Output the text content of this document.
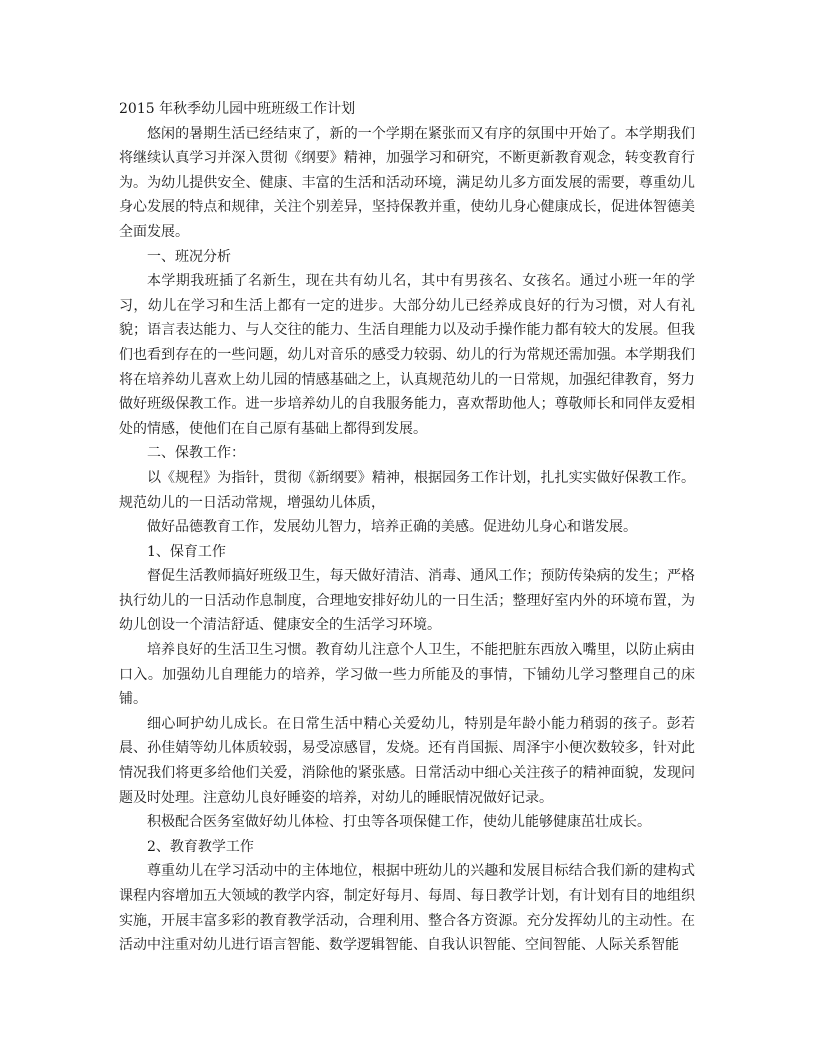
2015 年秋季幼儿园中班班级工作计划

悠闲的暑期生活已经结束了，新的一个学期在紧张而又有序的氛围中开始了。本学期我们将继续认真学习并深入贯彻《纲要》精神，加强学习和研究，不断更新教育观念，转变教育行为。为幼儿提供安全、健康、丰富的生活和活动环境，满足幼儿多方面发展的需要，尊重幼儿身心发展的特点和规律，关注个别差异，坚持保教并重，使幼儿身心健康成长，促进体智德美全面发展。

一、班况分析

本学期我班插了名新生，现在共有幼儿名，其中有男孩名、女孩名。通过小班一年的学习，幼儿在学习和生活上都有一定的进步。大部分幼儿已经养成良好的行为习惯，对人有礼貌；语言表达能力、与人交往的能力、生活自理能力以及动手操作能力都有较大的发展。但我们也看到存在的一些问题，幼儿对音乐的感受力较弱、幼儿的行为常规还需加强。本学期我们将在培养幼儿喜欢上幼儿园的情感基础之上，认真规范幼儿的一日常规，加强纪律教育，努力做好班级保教工作。进一步培养幼儿的自我服务能力，喜欢帮助他人；尊敬师长和同伴友爱相处的情感，使他们在自己原有基础上都得到发展。

二、保教工作：

以《规程》为指针，贯彻《新纲要》精神，根据园务工作计划，扎扎实实做好保教工作。规范幼儿的一日活动常规，增强幼儿体质，

做好品德教育工作，发展幼儿智力，培养正确的美感。促进幼儿身心和谐发展。

1、保育工作

督促生活教师搞好班级卫生，每天做好清洁、消毒、通风工作；预防传染病的发生；严格执行幼儿的一日活动作息制度，合理地安排好幼儿的一日生活；整理好室内外的环境布置，为幼儿创设一个清洁舒适、健康安全的生活学习环境。

培养良好的生活卫生习惯。教育幼儿注意个人卫生，不能把脏东西放入嘴里，以防止病由口入。加强幼儿自理能力的培养，学习做一些力所能及的事情，下铺幼儿学习整理自己的床铺。

细心呵护幼儿成长。在日常生活中精心关爱幼儿，特别是年龄小能力稍弱的孩子。彭若晨、孙佳婧等幼儿体质较弱，易受凉感冒，发烧。还有肖国振、周泽宇小便次数较多，针对此情况我们将更多给他们关爱，消除他的紧张感。日常活动中细心关注孩子的精神面貌，发现问题及时处理。注意幼儿良好睡姿的培养，对幼儿的睡眠情况做好记录。

积极配合医务室做好幼儿体检、打虫等各项保健工作，使幼儿能够健康茁壮成长。

2、教育教学工作

尊重幼儿在学习活动中的主体地位，根据中班幼儿的兴趣和发展目标结合我们新的建构式课程内容增加五大领域的教学内容，制定好每月、每周、每日教学计划，有计划有目的地组织实施，开展丰富多彩的教育教学活动，合理利用、整合各方资源。充分发挥幼儿的主动性。在活动中注重对幼儿进行语言智能、数学逻辑智能、自我认识智能、空间智能、人际关系智能
